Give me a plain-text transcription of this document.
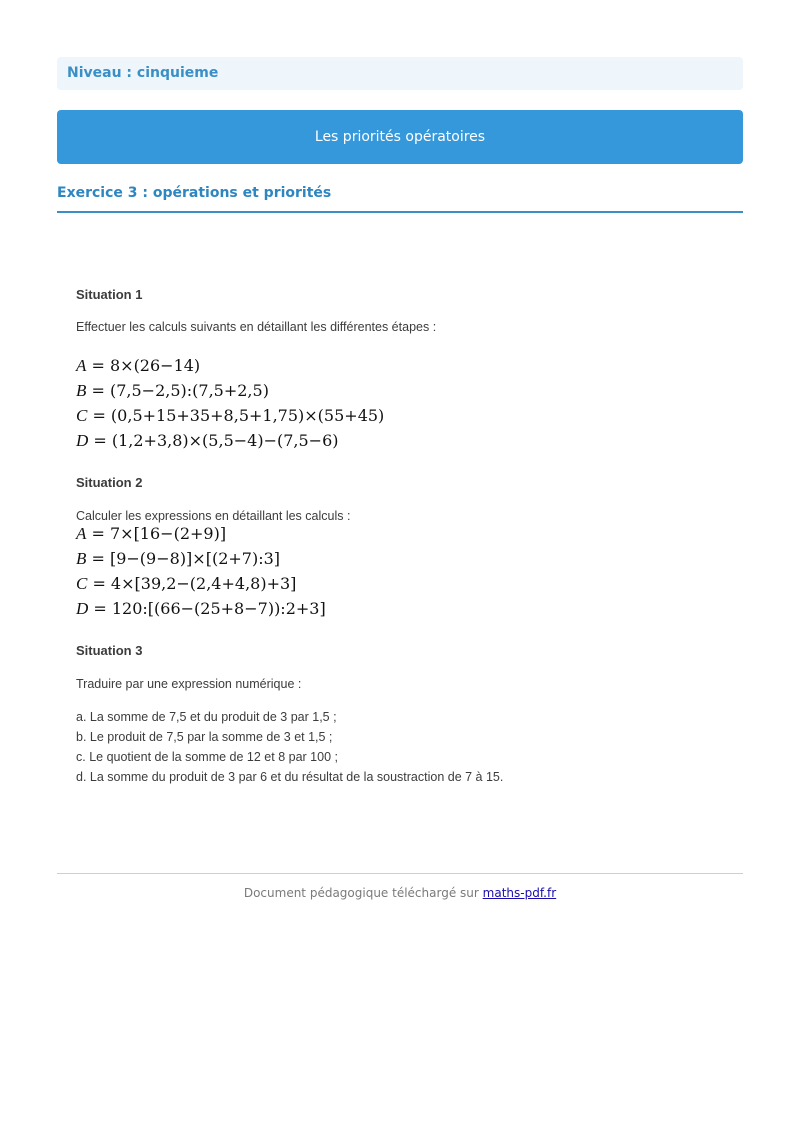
Niveau : cinquieme
Les priorités opératoires
Exercice 3 : opérations et priorités
Situation 1
Effectuer les calculs suivants en détaillant les différentes étapes :
A = 8×(26−14)
B = (7,5−2,5):(7,5+2,5)
C = (0,5+15+35+8,5+1,75)×(55+45)
D = (1,2+3,8)×(5,5−4)−(7,5−6)
Situation 2
Calculer les expressions en détaillant les calculs :
A = 7×[16−(2+9)]
B = [9−(9−8)]×[(2+7):3]
C = 4×[39,2−(2,4+4,8)+3]
D = 120:[(66−(25+8−7)):2+3]
Situation 3
Traduire par une expression numérique :
a. La somme de 7,5 et du produit de 3 par 1,5 ;
b. Le produit de 7,5 par la somme de 3 et 1,5 ;
c. Le quotient de la somme de 12 et 8 par 100 ;
d. La somme du produit de 3 par 6 et du résultat de la soustraction de 7 à 15.
Document pédagogique téléchargé sur maths-pdf.fr
